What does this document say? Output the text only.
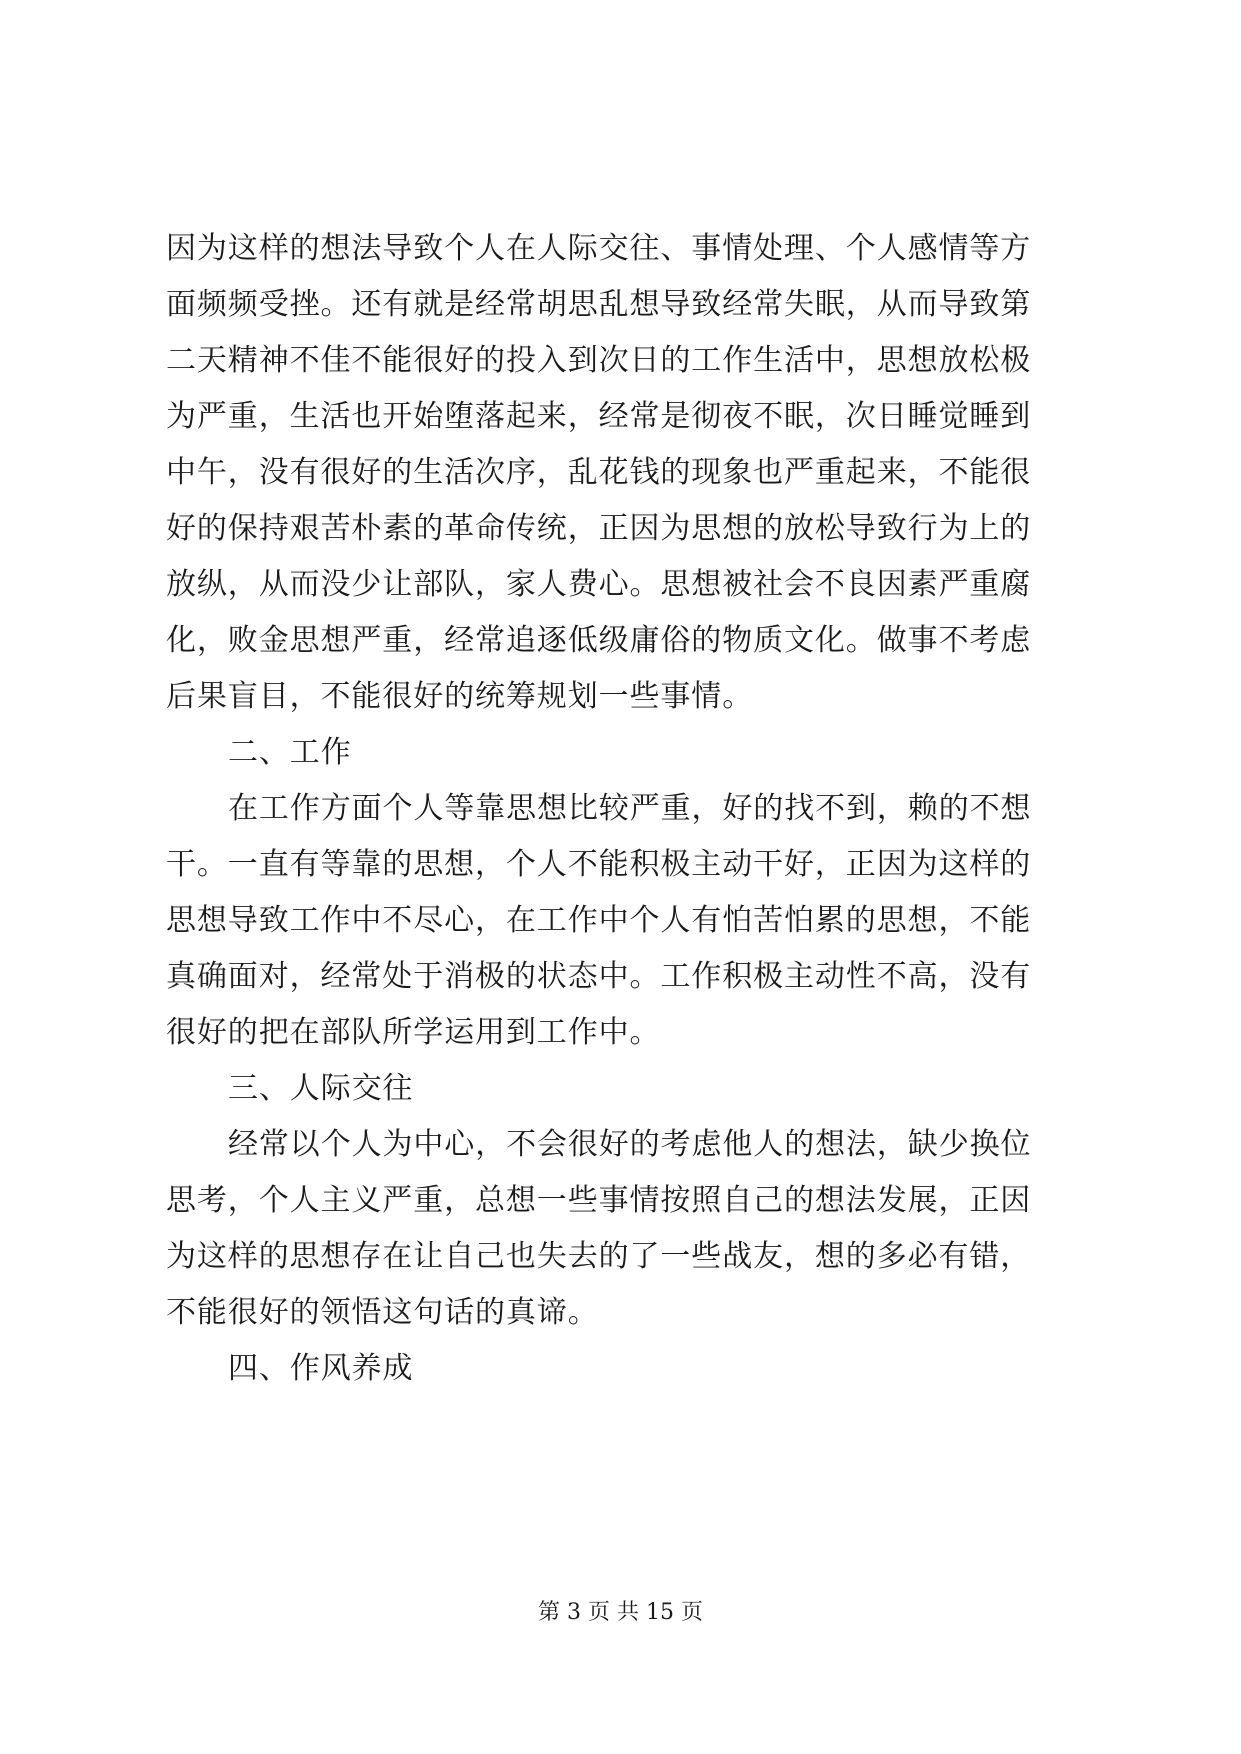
因为这样的想法导致个人在人际交往、事情处理、个人感情等方
面频频受挫。还有就是经常胡思乱想导致经常失眠，从而导致第
二天精神不佳不能很好的投入到次日的工作生活中，思想放松极
为严重，生活也开始堕落起来，经常是彻夜不眠，次日睡觉睡到
中午，没有很好的生活次序，乱花钱的现象也严重起来，不能很
好的保持艰苦朴素的革命传统，正因为思想的放松导致行为上的
放纵，从而没少让部队，家人费心。思想被社会不良因素严重腐
化，败金思想严重，经常追逐低级庸俗的物质文化。做事不考虑
后果盲目，不能很好的统筹规划一些事情。
二、工作
在工作方面个人等靠思想比较严重，好的找不到，赖的不想
干。一直有等靠的思想，个人不能积极主动干好，正因为这样的
思想导致工作中不尽心，在工作中个人有怕苦怕累的思想，不能
真确面对，经常处于消极的状态中。工作积极主动性不高，没有
很好的把在部队所学运用到工作中。
三、人际交往
经常以个人为中心，不会很好的考虑他人的想法，缺少换位
思考，个人主义严重，总想一些事情按照自己的想法发展，正因
为这样的思想存在让自己也失去的了一些战友，想的多必有错，
不能很好的领悟这句话的真谛。
四、作风养成
第 3 页 共 15 页
